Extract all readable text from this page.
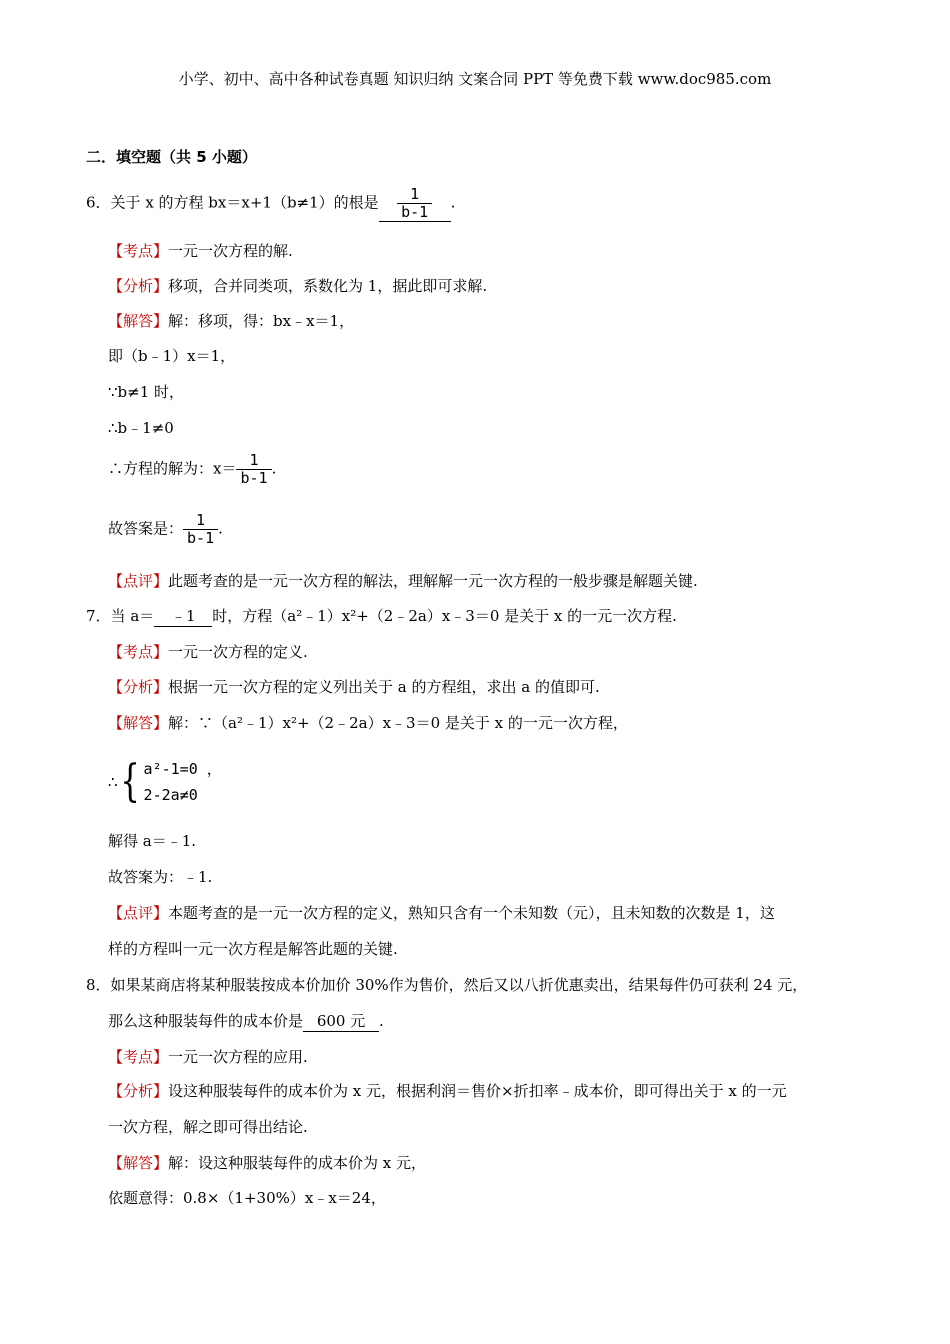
小学、初中、高中各种试卷真题 知识归纳 文案合同 PPT 等免费下载 www.doc985.com
二．填空题（共 5 小题）
6．关于 x 的方程 bx＝x+1（b≠1）的根是 $\frac{1}{b-1}$ .
【考点】一元一次方程的解.
【分析】移项，合并同类项，系数化为 1，据此即可求解.
【解答】解：移项，得：bx﹣x＝1，
即（b﹣1）x＝1，
∵b≠1 时，
∴b﹣1≠0
∴方程的解为：$x= \frac{1}{b-1}$ .
故答案是： $\frac{1}{b-1}$ .
【点评】此题考查的是一元一次方程的解法，理解解一元一次方程的一般步骤是解题关键.
7．当 a＝ ﹣1 时，方程（a²﹣1）x²+（2﹣2a）x﹣3＝0 是关于 x 的一元一次方程.
【考点】一元一次方程的定义.
【分析】根据一元一次方程的定义列出关于 a 的方程组，求出 a 的值即可.
【解答】解：∵（a²﹣1）x²+（2﹣2a）x﹣3＝0 是关于 x 的一元一次方程，
∴ { a²-1=0 ，
2-2a≠0
解得 a＝﹣1.
故答案为：﹣1.
【点评】本题考查的是一元一次方程的定义，熟知只含有一个未知数（元），且未知数的次数是 1，这
样的方程叫一元一次方程是解答此题的关键.
8．如果某商店将某种服装按成本价加价 30%作为售价，然后又以八折优惠卖出，结果每件仍可获利 24 元，
那么这种服装每件的成本价是 600 元 .
【考点】一元一次方程的应用.
【分析】设这种服装每件的成本价为 x 元，根据利润＝售价×折扣率﹣成本价，即可得出关于 x 的一元
一次方程，解之即可得出结论.
【解答】解：设这种服装每件的成本价为 x 元，
依题意得：0.8×（1+30%）x﹣x＝24，
